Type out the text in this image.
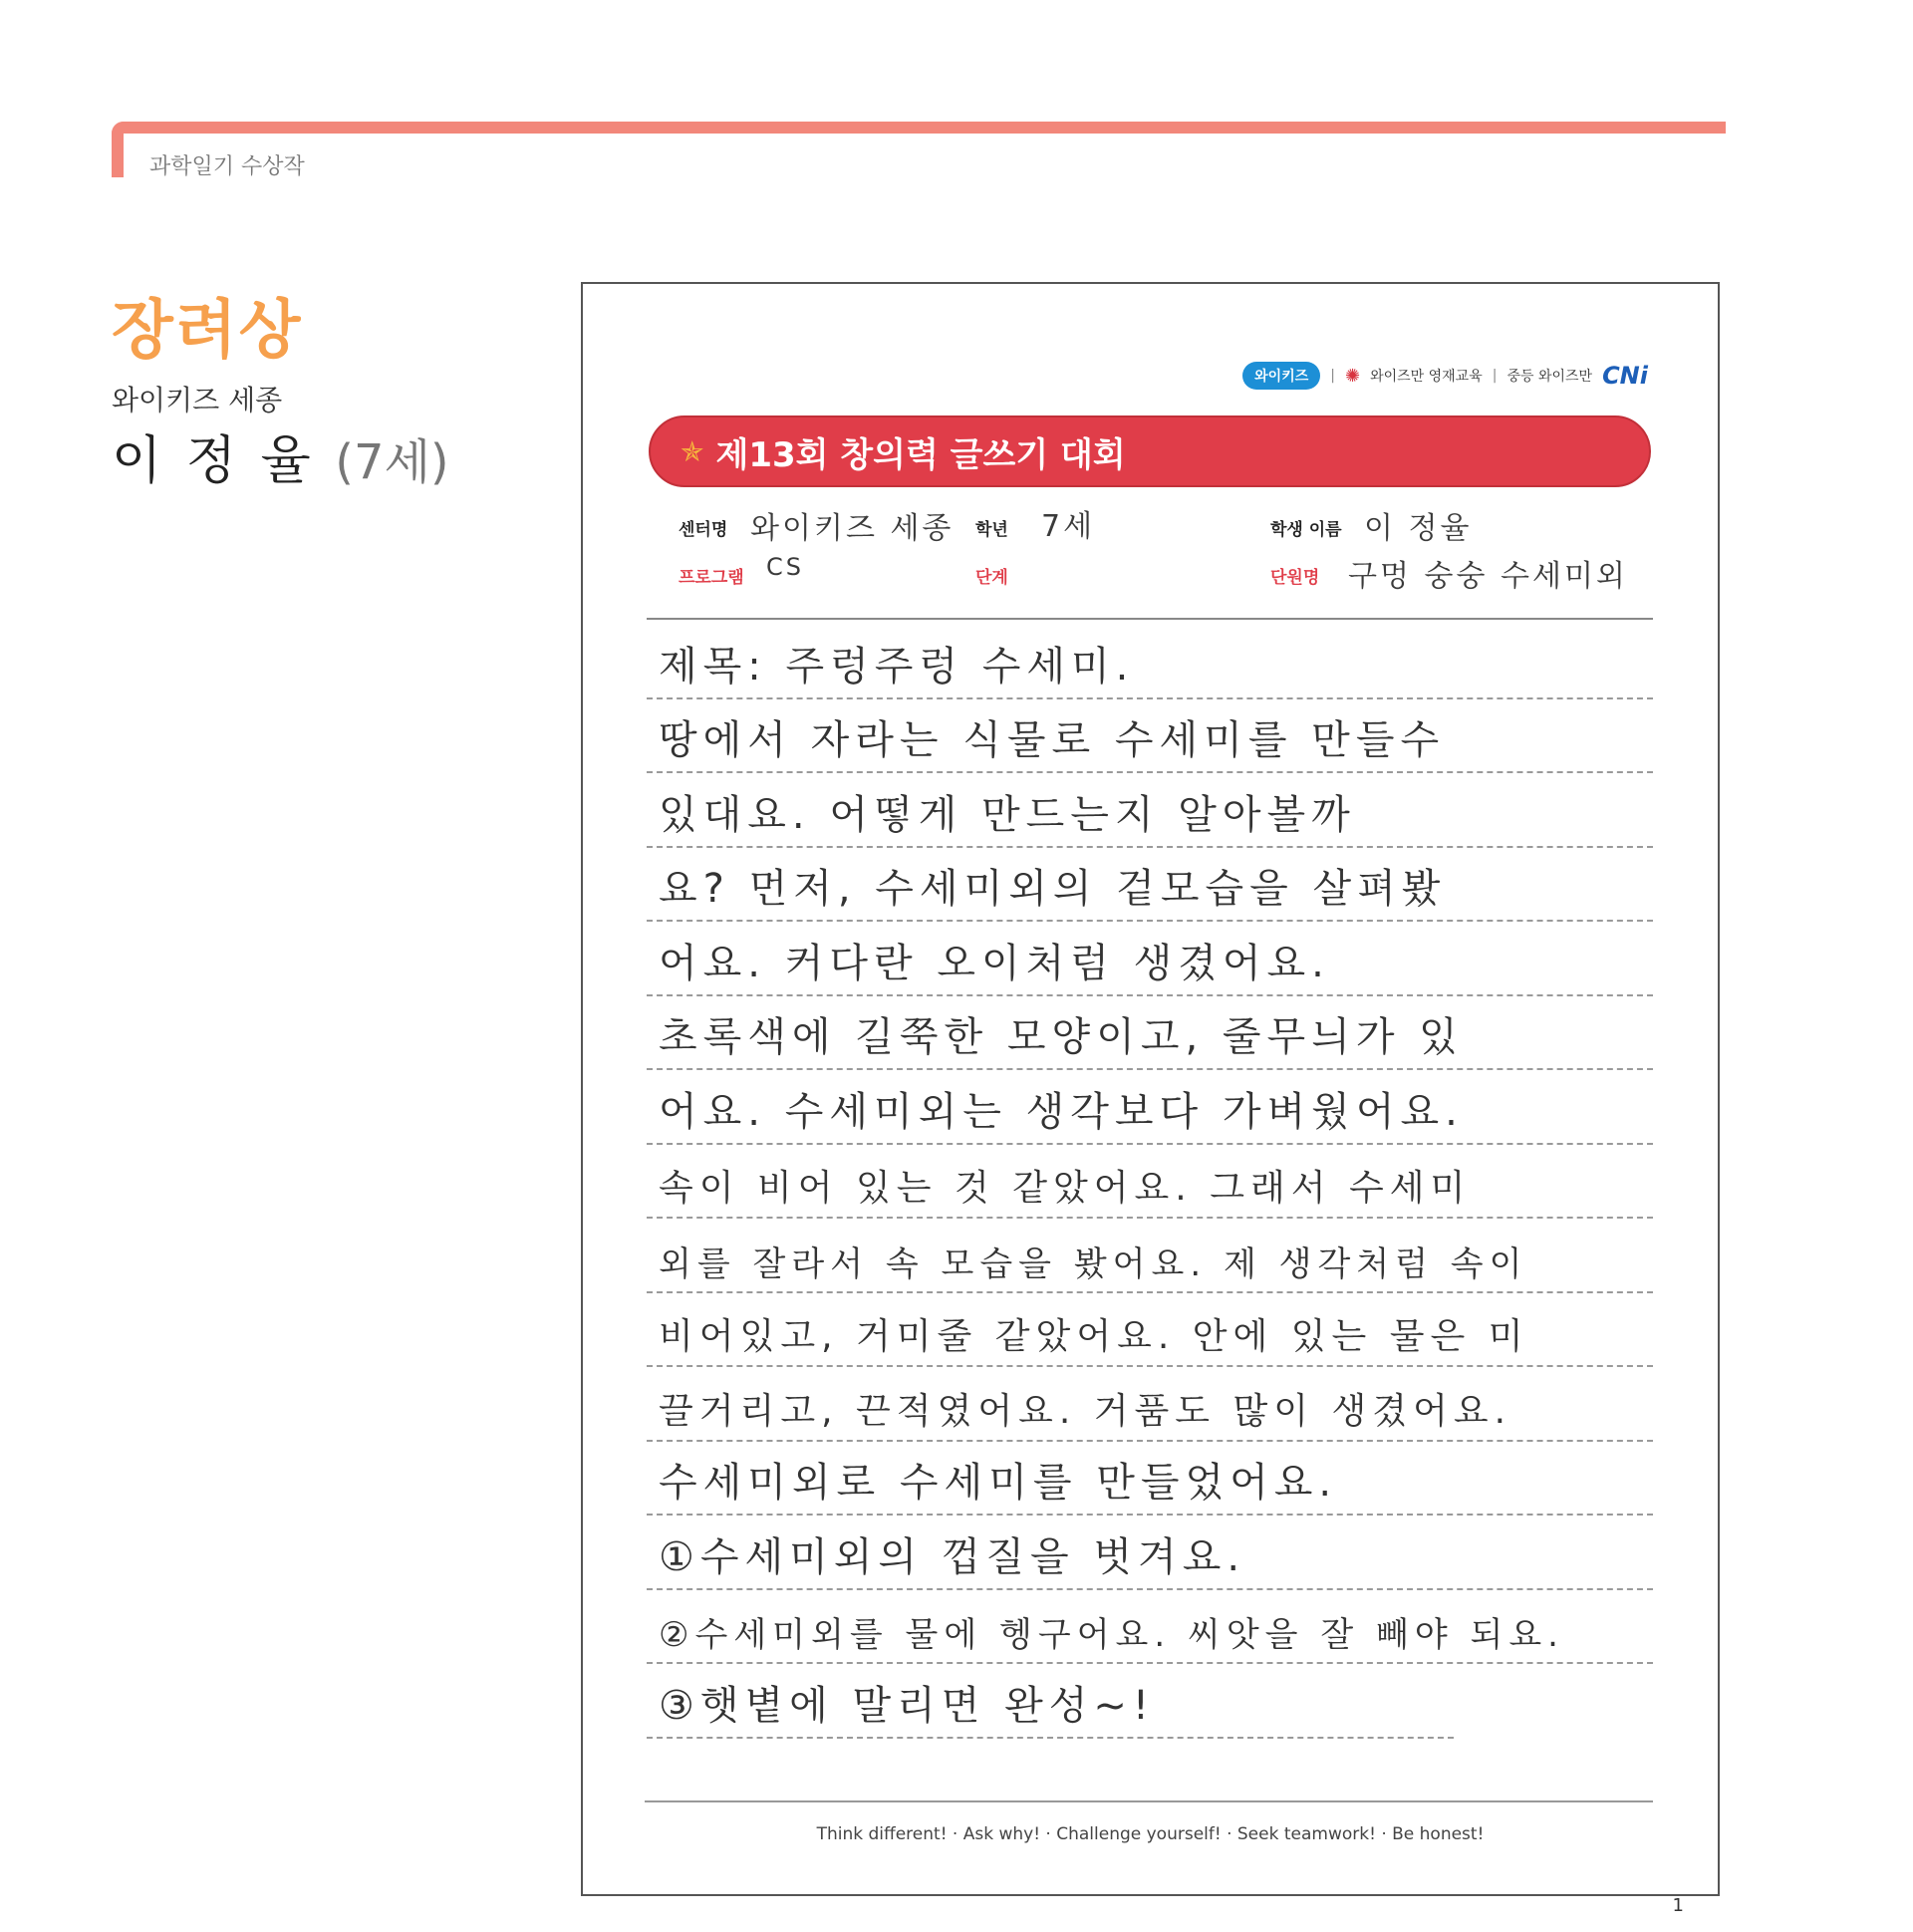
과학일기 수상작
장려상
와이키즈 세종
이 정 율 (7세)
와이키즈	| ✺ 와이즈만 영재교육 | 중등 와이즈만 CNi
✯ 제13회 창의력 글쓰기 대회
센터명 와이키즈 세종 학년 7세	학생 이름 이 정율
프로그램 CS	단계	단원명 구멍 숭숭 수세미외
제목: 주렁주렁 수세미.
땅에서 자라는 식물로 수세미를 만들수
있대요. 어떻게 만드는지 알아볼까
요? 먼저, 수세미외의 겉모습을 살펴봤
어요. 커다란 오이처럼 생겼어요.
초록색에 길쭉한 모양이고, 줄무늬가 있
어요. 수세미외는 생각보다 가벼웠어요.
속이 비어 있는 것 같았어요. 그래서 수세미
외를 잘라서 속 모습을 봤어요. 제 생각처럼 속이
비어있고, 거미줄 같았어요. 안에 있는 물은 미
끌거리고, 끈적였어요. 거품도 많이 생겼어요.
수세미외로 수세미를 만들었어요.
①수세미외의 껍질을 벗겨요.
②수세미외를 물에 헹구어요. 씨앗을 잘 빼야 되요.
③햇볕에 말리면 완성~!
Think different! · Ask why! · Challenge yourself! · Seek teamwork! · Be honest!
1
